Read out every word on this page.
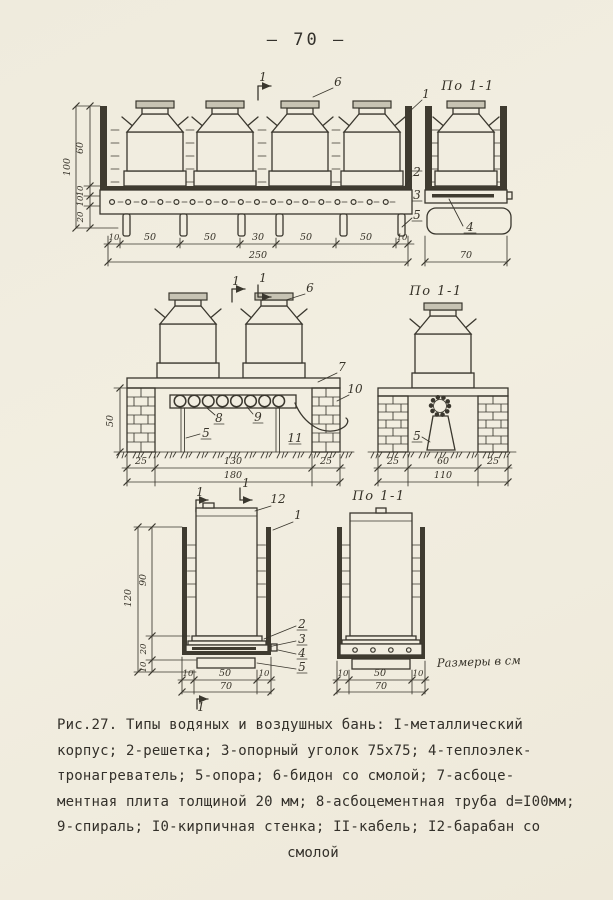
— 70 —
1	6	По 1-1
1
2
3
5
4
60
10
10
20
100
10	50	50	30	50	50	10
250	70
1 1
6
7
10
8	9
5	11
50
25	130	25
180
По 1-1
5
25	60	25
110
1
1
12
1
2
3
4
5
90
20
10
120
10	50	10
70
1
По 1-1
10	50	10
70
Размеры в см
Рис.27. Типы водяных и воздушных бань: I-металлический
корпус; 2-решетка; 3-опорный уголок 75х75; 4-теплоэлек-
тронагреватель; 5-опора; 6-бидон со смолой; 7-асбоце-
ментная плита толщиной 20 мм; 8-асбоцементная труба d=I00мм;
9-спираль; I0-кирпичная стенка; II-кабель; I2-барабан со
смолой
